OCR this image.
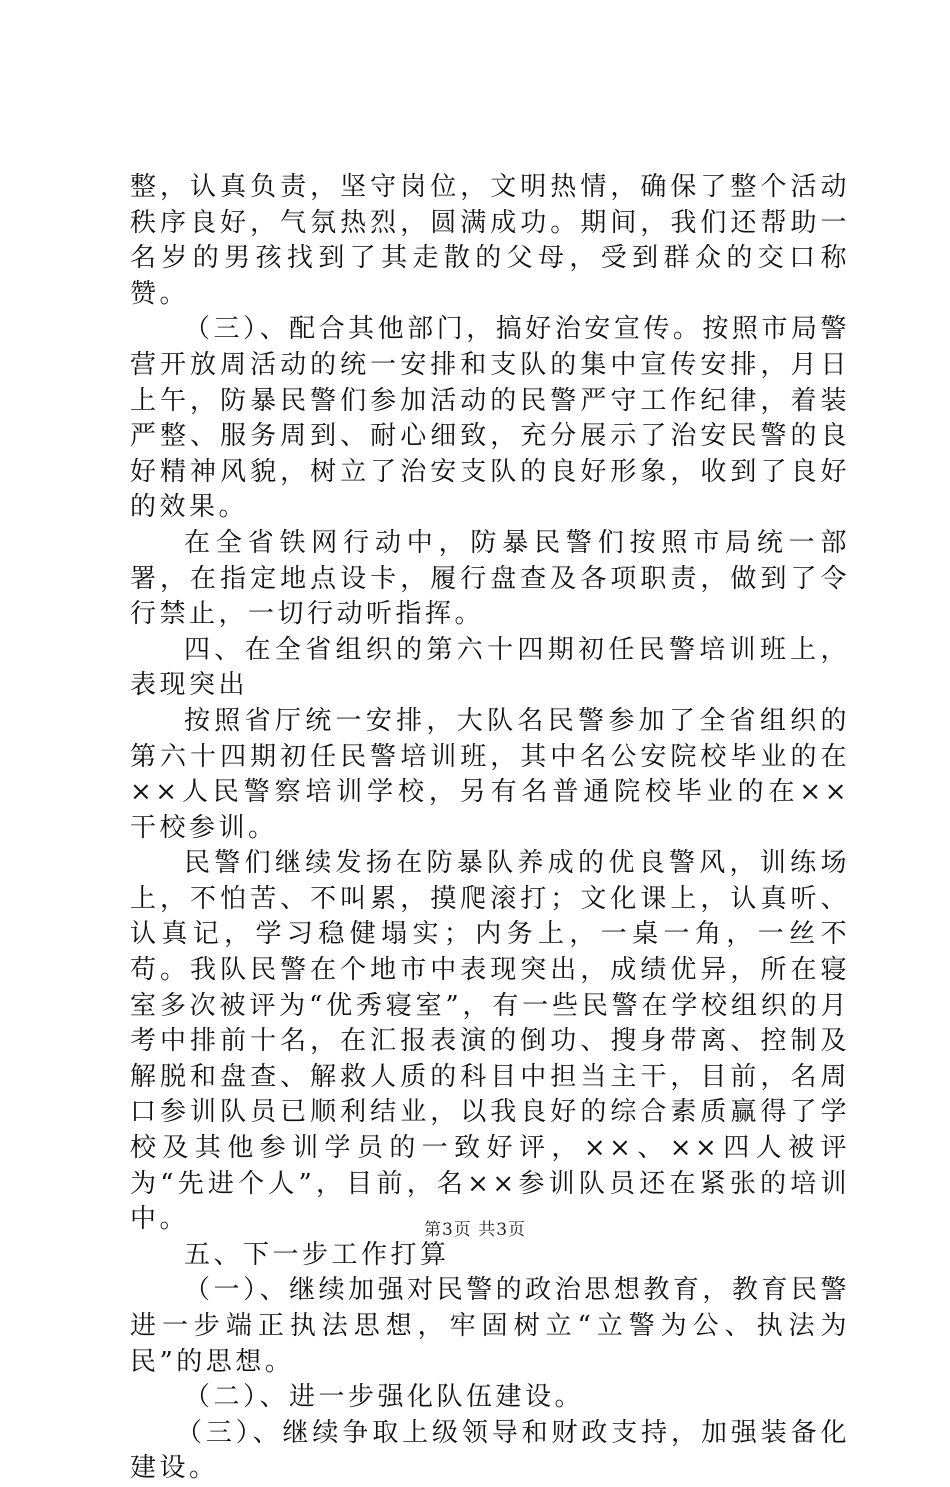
整，认真负责，坚守岗位，文明热情，确保了整个活动秩序良好，气氛热烈，圆满成功。期间，我们还帮助一名岁的男孩找到了其走散的父母，受到群众的交口称赞。

（三）、配合其他部门，搞好治安宣传。按照市局警营开放周活动的统一安排和支队的集中宣传安排，月日上午，防暴民警们参加活动的民警严守工作纪律，着装严整、服务周到、耐心细致，充分展示了治安民警的良好精神风貌，树立了治安支队的良好形象，收到了良好的效果。

在全省铁网行动中，防暴民警们按照市局统一部署，在指定地点设卡，履行盘查及各项职责，做到了令行禁止，一切行动听指挥。

四、在全省组织的第六十四期初任民警培训班上，表现突出

按照省厅统一安排，大队名民警参加了全省组织的第六十四期初任民警培训班，其中名公安院校毕业的在××人民警察培训学校，另有名普通院校毕业的在××干校参训。

民警们继续发扬在防暴队养成的优良警风，训练场上，不怕苦、不叫累，摸爬滚打；文化课上，认真听、认真记，学习稳健塌实；内务上，一桌一角，一丝不苟。我队民警在个地市中表现突出，成绩优异，所在寝室多次被评为“优秀寝室”，有一些民警在学校组织的月考中排前十名，在汇报表演的倒功、搜身带离、控制及解脱和盘查、解救人质的科目中担当主干，目前，名周口参训队员已顺利结业，以我良好的综合素质赢得了学校及其他参训学员的一致好评，××、××四人被评为“先进个人”，目前，名××参训队员还在紧张的培训中。

五、下一步工作打算

（一）、继续加强对民警的政治思想教育，教育民警进一步端正执法思想，牢固树立“立警为公、执法为民”的思想。

（二）、进一步强化队伍建设。

（三）、继续争取上级领导和财政支持，加强装备化建设。

第3页 共3页
